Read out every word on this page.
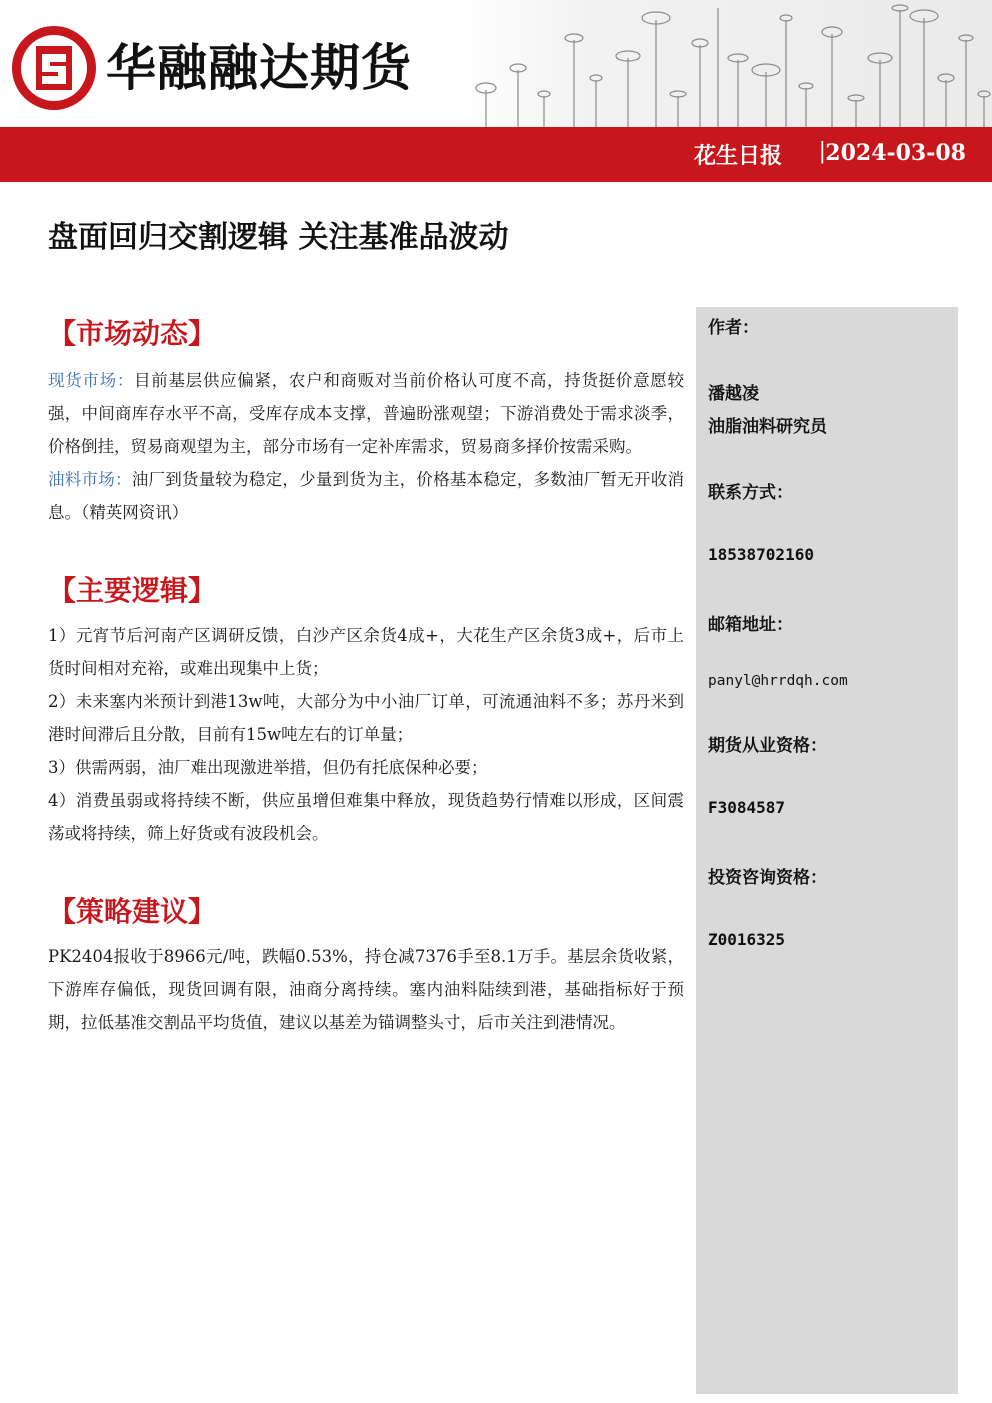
华融融达期货
花生日报 | 2024-03-08
盘面回归交割逻辑 关注基准品波动
【市场动态】

现货市场：目前基层供应偏紧，农户和商贩对当前价格认可度不高，持货挺价意愿较强，中间商库存水平不高，受库存成本支撑，普遍盼涨观望；下游消费处于需求淡季，价格倒挂，贸易商观望为主，部分市场有一定补库需求，贸易商多择价按需采购。

油料市场：油厂到货量较为稳定，少量到货为主，价格基本稳定，多数油厂暂无开收消息。（精英网资讯）

【主要逻辑】

1）元宵节后河南产区调研反馈，白沙产区余货4成+，大花生产区余货3成+，后市上货时间相对充裕，或难出现集中上货；

2）未来塞内米预计到港13w吨，大部分为中小油厂订单，可流通油料不多；苏丹米到港时间滞后且分散，目前有15w吨左右的订单量；

3）供需两弱，油厂难出现激进举措，但仍有托底保种必要；

4）消费虽弱或将持续不断，供应虽增但难集中释放，现货趋势行情难以形成，区间震荡或将持续，筛上好货或有波段机会。

【策略建议】

PK2404报收于8966元/吨，跌幅0.53%，持仓减7376手至8.1万手。基层余货收紧，下游库存偏低，现货回调有限，油商分离持续。塞内油料陆续到港，基础指标好于预期，拉低基准交割品平均货值，建议以基差为锚调整头寸，后市关注到港情况。

作者：
潘越凌
油脂油料研究员
联系方式：
18538702160
邮箱地址：
panyl@hrrdqh.com
期货从业资格：
F3084587
投资咨询资格：
Z0016325
